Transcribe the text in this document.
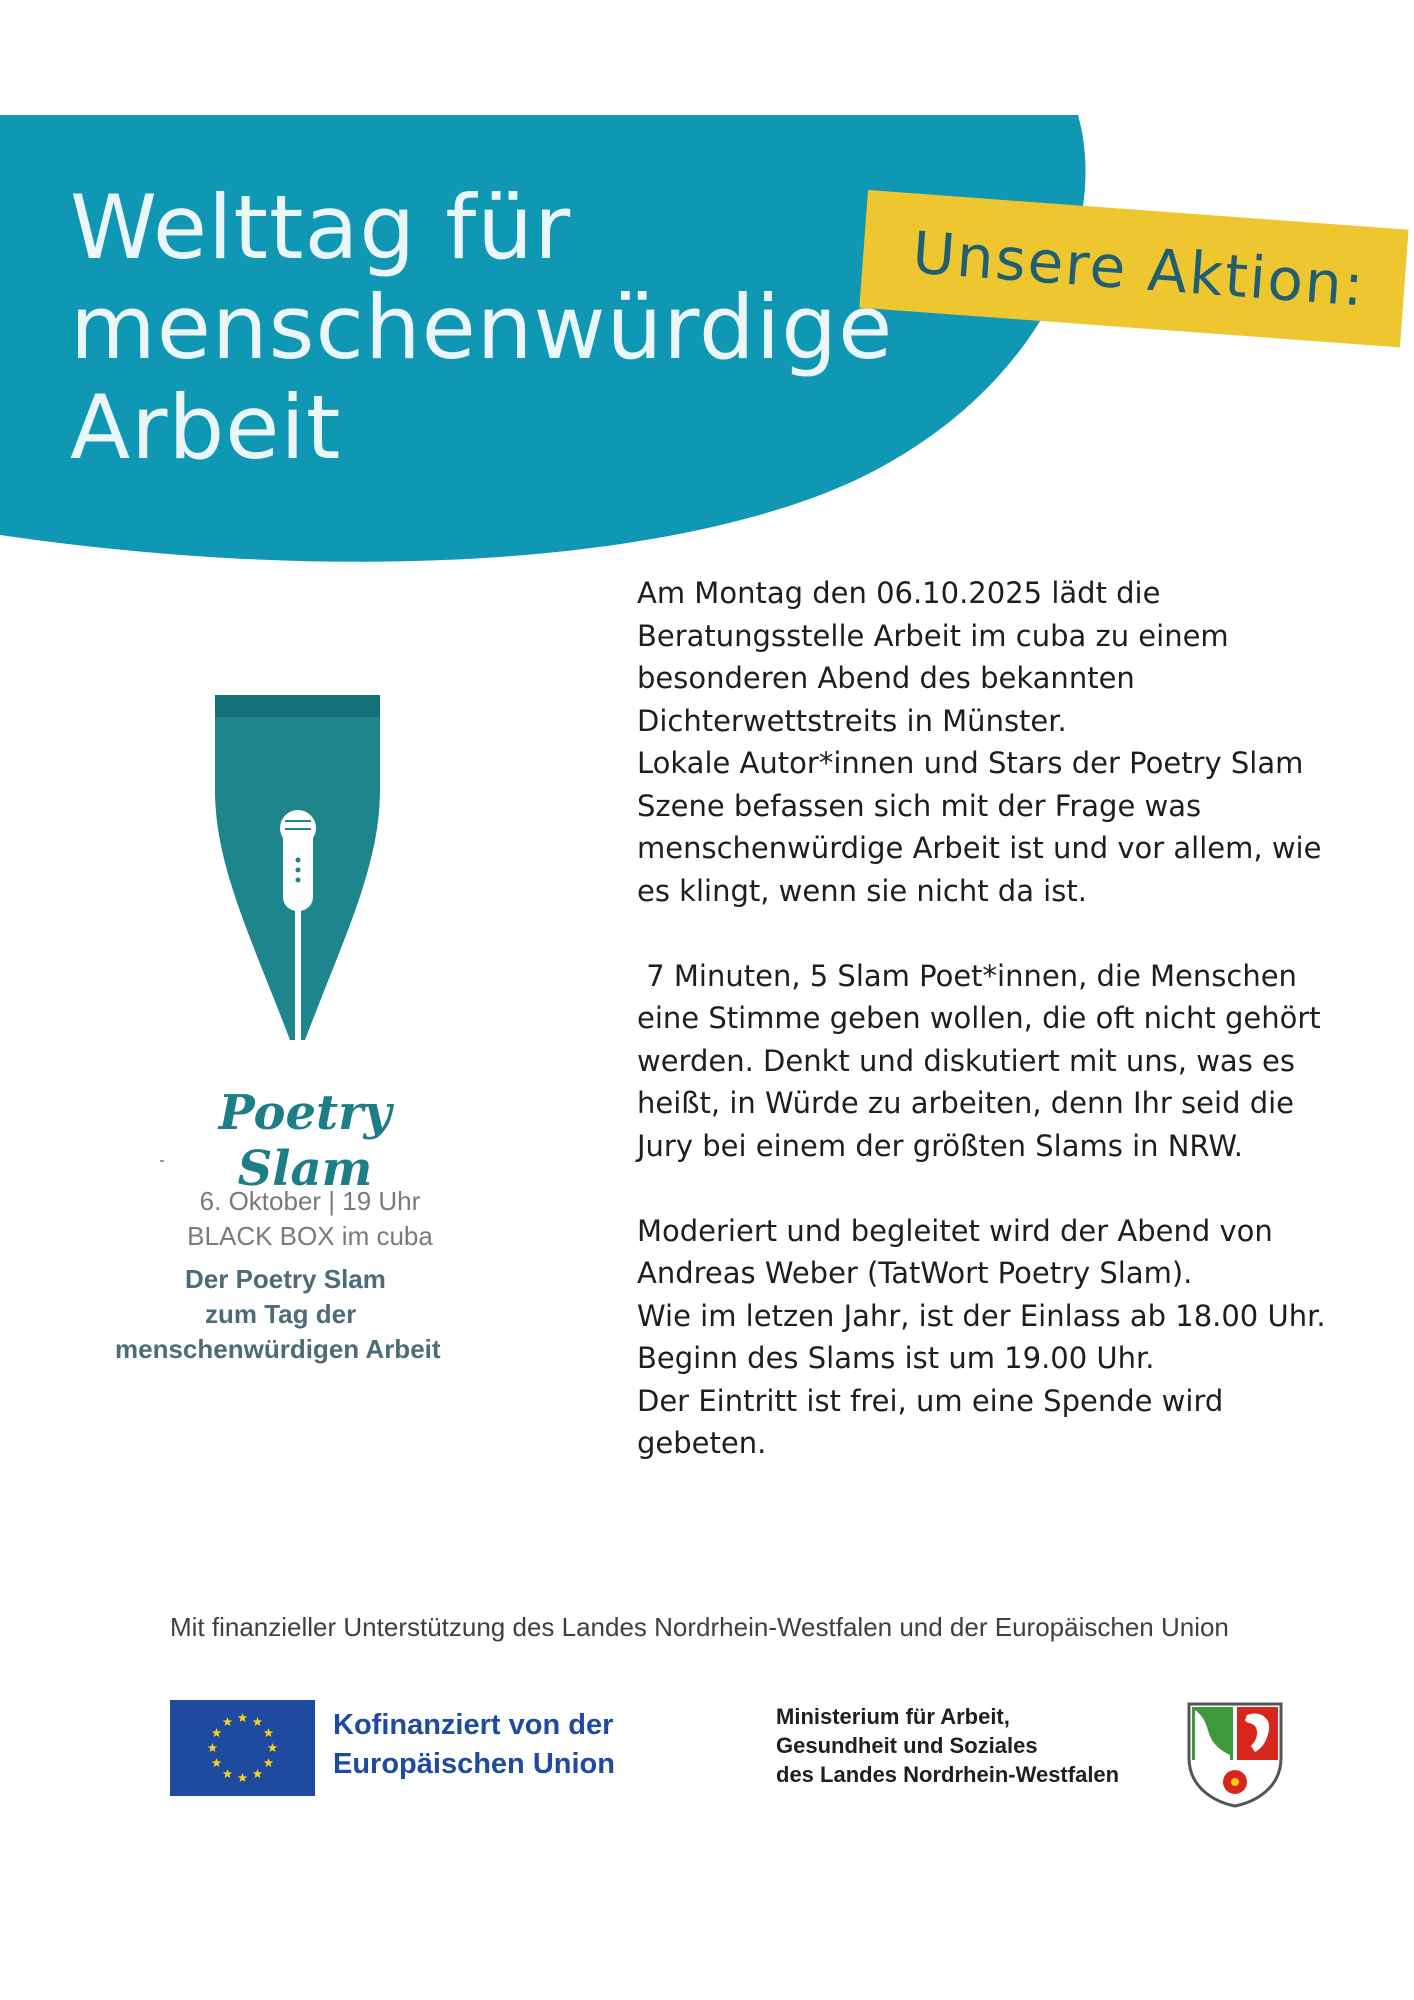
Welttag für
menschenwürdige
Arbeit
Unsere Aktion:

Am Montag den 06.10.2025 lädt die
Beratungsstelle Arbeit im cuba zu einem
besonderen Abend des bekannten
Dichterwettstreits in Münster.
Lokale Autor*innen und Stars der Poetry Slam
Szene befassen sich mit der Frage was
menschenwürdige Arbeit ist und vor allem, wie
es klingt, wenn sie nicht da ist.

7 Minuten, 5 Slam Poet*innen, die Menschen
eine Stimme geben wollen, die oft nicht gehört
werden. Denkt und diskutiert mit uns, was es
heißt, in Würde zu arbeiten, denn Ihr seid die
Jury bei einem der größten Slams in NRW.

Moderiert und begleitet wird der Abend von
Andreas Weber (TatWort Poetry Slam).
Wie im letzen Jahr, ist der Einlass ab 18.00 Uhr.
Beginn des Slams ist um 19.00 Uhr.
Der Eintritt ist frei, um eine Spende wird
gebeten.

Poetry Slam
6. Oktober | 19 Uhr
BLACK BOX im cuba
Der Poetry Slam
zum Tag der
menschenwürdigen Arbeit
Mit finanzieller Unterstützung des Landes Nordrhein-Westfalen und der Europäischen Union
Kofinanziert von der
Europäischen Union
Ministerium für Arbeit,
Gesundheit und Soziales
des Landes Nordrhein-Westfalen
